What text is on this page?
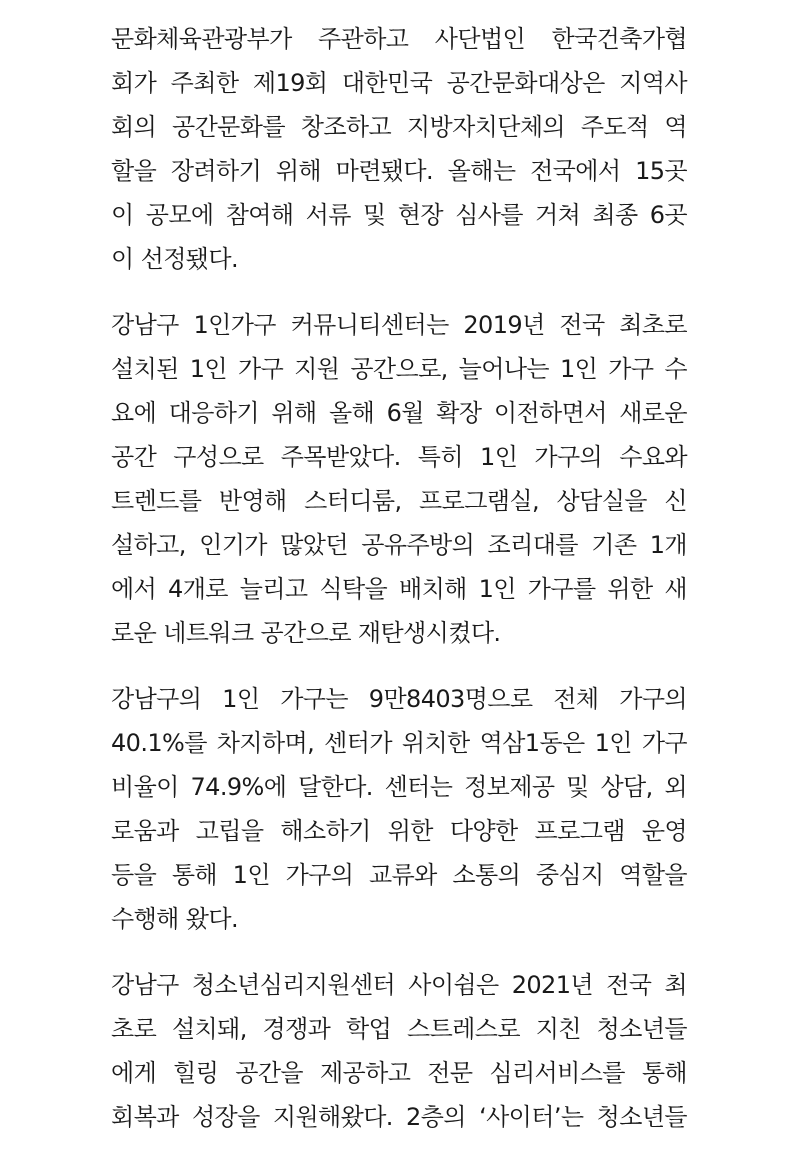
문화체육관광부가 주관하고 사단법인 한국건축가협
회가 주최한 제19회 대한민국 공간문화대상은 지역사
회의 공간문화를 창조하고 지방자치단체의 주도적 역
할을 장려하기 위해 마련됐다. 올해는 전국에서 15곳
이 공모에 참여해 서류 및 현장 심사를 거쳐 최종 6곳
이 선정됐다.

강남구 1인가구 커뮤니티센터는 2019년 전국 최초로
설치된 1인 가구 지원 공간으로, 늘어나는 1인 가구 수
요에 대응하기 위해 올해 6월 확장 이전하면서 새로운
공간 구성으로 주목받았다. 특히 1인 가구의 수요와
트렌드를 반영해 스터디룸, 프로그램실, 상담실을 신
설하고, 인기가 많았던 공유주방의 조리대를 기존 1개
에서 4개로 늘리고 식탁을 배치해 1인 가구를 위한 새
로운 네트워크 공간으로 재탄생시켰다.

강남구의 1인 가구는 9만8403명으로 전체 가구의
40.1%를 차지하며, 센터가 위치한 역삼1동은 1인 가구
비율이 74.9%에 달한다. 센터는 정보제공 및 상담, 외
로움과 고립을 해소하기 위한 다양한 프로그램 운영
등을 통해 1인 가구의 교류와 소통의 중심지 역할을
수행해 왔다.

강남구 청소년심리지원센터 사이쉼은 2021년 전국 최
초로 설치돼, 경쟁과 학업 스트레스로 지친 청소년들
에게 힐링 공간을 제공하고 전문 심리서비스를 통해
회복과 성장을 지원해왔다. 2층의 ‘사이터’는 청소년들
